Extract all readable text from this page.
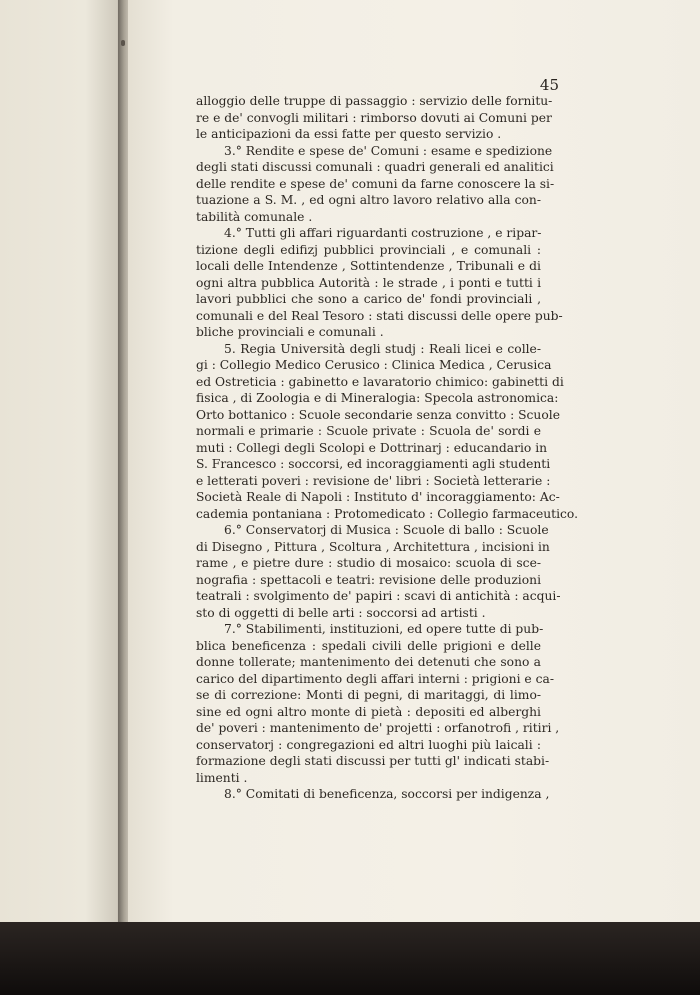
45
alloggio delle truppe di passaggio : servizio delle fornitu-
re e de' convogli militari : rimborso dovuti ai Comuni per
le anticipazioni da essi fatte per questo servizio .
3.° Rendite e spese de' Comuni : esame e spedizione
degli stati discussi comunali : quadri generali ed analitici
delle rendite e spese de' comuni da farne conoscere la si-
tuazione a S. M. , ed ogni altro lavoro relativo alla con-
tabilità comunale .
4.° Tutti gli affari riguardanti costruzione , e ripar-
tizione degli edifizj pubblici provinciali , e comunali :
locali delle Intendenze , Sottintendenze , Tribunali e di
ogni altra pubblica Autorità : le strade , i ponti e tutti i
lavori pubblici che sono a carico de' fondi provinciali ,
comunali e del Real Tesoro : stati discussi delle opere pub-
bliche provinciali e comunali .
5. Regia Università degli studj : Reali licei e colle-
gi : Collegio Medico Cerusico : Clinica Medica , Cerusica
ed Ostreticia : gabinetto e lavaratorio chimico: gabinetti di
fisica , di Zoologia e di Mineralogia: Specola astronomica:
Orto bottanico : Scuole secondarie senza convitto : Scuole
normali e primarie : Scuole private : Scuola de' sordi e
muti : Collegi degli Scolopi e Dottrinarj : educandario in
S. Francesco : soccorsi, ed incoraggiamenti agli studenti
e letterati poveri : revisione de' libri : Società letterarie :
Società Reale di Napoli : Instituto d' incoraggiamento: Ac-
cademia pontaniana : Protomedicato : Collegio farmaceutico.
6.° Conservatorj di Musica : Scuole di ballo : Scuole
di Disegno , Pittura , Scoltura , Architettura , incisioni in
rame , e pietre dure : studio di mosaico: scuola di sce-
nografia : spettacoli e teatri: revisione delle produzioni
teatrali : svolgimento de' papiri : scavi di antichità : acqui-
sto di oggetti di belle arti : soccorsi ad artisti .
7.° Stabilimenti, instituzioni, ed opere tutte di pub-
blica beneficenza : spedali civili delle prigioni e delle
donne tollerate; mantenimento dei detenuti che sono a
carico del dipartimento degli affari interni : prigioni e ca-
se di correzione: Monti di pegni, di maritaggi, di limo-
sine ed ogni altro monte di pietà : depositi ed alberghi
de' poveri : mantenimento de' projetti : orfanotrofi , ritiri ,
conservatorj : congregazioni ed altri luoghi più laicali :
formazione degli stati discussi per tutti gl' indicati stabi-
limenti .
8.° Comitati di beneficenza, soccorsi per indigenza ,
